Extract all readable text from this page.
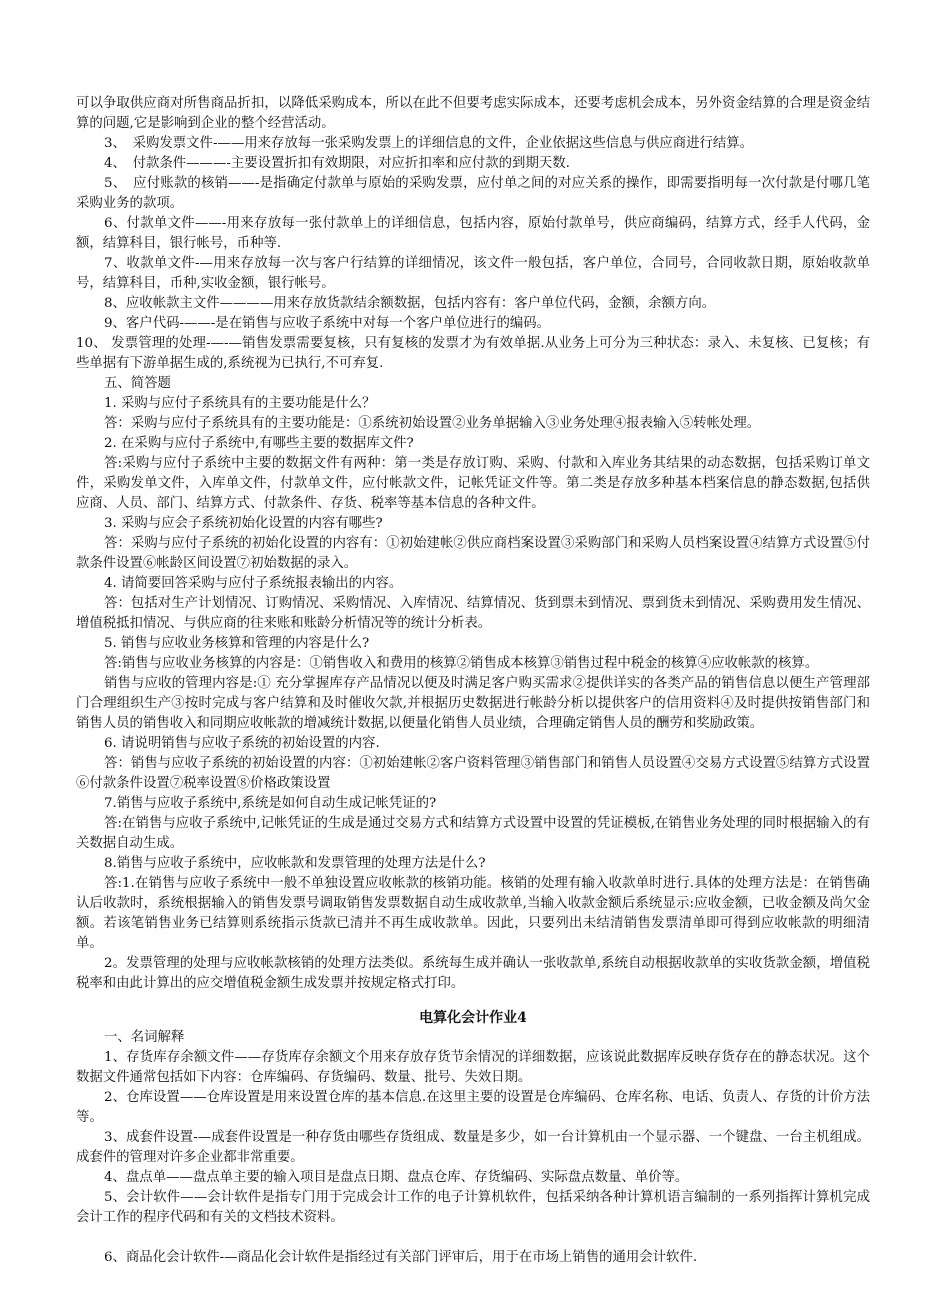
可以争取供应商对所售商品折扣，以降低采购成本，所以在此不但要考虑实际成本，还要考虑机会成本，另外资金结算的合理是资金结算的问题,它是影响到企业的整个经营活动。

3、　采购发票文件-——用来存放每一张采购发票上的详细信息的文件，企业依据这些信息与供应商进行结算。

4、　付款条件———-主要设置折扣有效期限，对应折扣率和应付款的到期天数.

5、　应付账款的核销——-是指确定付款单与原始的采购发票，应付单之间的对应关系的操作，即需要指明每一次付款是付哪几笔采购业务的款项。

6、付款单文件——-用来存放每一张付款单上的详细信息，包括内容，原始付款单号，供应商编码，结算方式，经手人代码，金额，结算科目，银行帐号，币种等.

7、收款单文件-—用来存放每一次与客户行结算的详细情况，该文件一般包括，客户单位，合同号，合同收款日期，原始收款单号，结算科目，币种,实收金额，银行帐号。

8、应收帐款主文件————用来存放货款结余额数据，包括内容有：客户单位代码，金额，余额方向。

9、客户代码-——-是在销售与应收子系统中对每一个客户单位进行的编码。

10、 发票管理的处理-—-—销售发票需要复核，只有复核的发票才为有效单据.从业务上可分为三种状态：录入、未复核、已复核；有些单据有下游单据生成的,系统视为已执行,不可弃复.

五、简答题

1. 采购与应付子系统具有的主要功能是什么？

答：采购与应付子系统具有的主要功能是：①系统初始设置②业务单据输入③业务处理④报表输入⑤转帐处理。

2. 在采购与应付子系统中,有哪些主要的数据库文件?

答:采购与应付子系统中主要的数据文件有两种：第一类是存放订购、采购、付款和入库业务其结果的动态数据，包括采购订单文件，采购发单文件，入库单文件，付款单文件，应付帐款文件，记帐凭证文件等。第二类是存放多种基本档案信息的静态数据,包括供应商、人员、部门、结算方式、付款条件、存货、税率等基本信息的各种文件。

3. 采购与应会子系统初始化设置的内容有哪些?

答：采购与应付子系统的初始化设置的内容有：①初始建帐②供应商档案设置③采购部门和采购人员档案设置④结算方式设置⑤付款条件设置⑥帐龄区间设置⑦初始数据的录入。

4. 请简要回答采购与应付子系统报表输出的内容。

答：包括对生产计划情况、订购情况、采购情况、入库情况、结算情况、货到票未到情况、票到货未到情况、采购费用发生情况、增值税抵扣情况、与供应商的往来账和账龄分析情况等的统计分析表。

5. 销售与应收业务核算和管理的内容是什么?

答:销售与应收业务核算的内容是：①销售收入和费用的核算②销售成本核算③销售过程中税金的核算④应收帐款的核算。

销售与应收的管理内容是:① 充分掌握库存产品情况以便及时满足客户购买需求②提供详实的各类产品的销售信息以便生产管理部门合理组织生产③按时完成与客户结算和及时催收欠款,并根据历史数据进行帐龄分析以提供客户的信用资料④及时提供按销售部门和销售人员的销售收入和同期应收帐款的增减统计数据,以便量化销售人员业绩，合理确定销售人员的酬劳和奖励政策。

6. 请说明销售与应收子系统的初始设置的内容.

答：销售与应收子系统的初始设置的内容：①初始建帐②客户资料管理③销售部门和销售人员设置④交易方式设置⑤结算方式设置⑥付款条件设置⑦税率设置⑧价格政策设置

7.销售与应收子系统中,系统是如何自动生成记帐凭证的?

答:在销售与应收子系统中,记帐凭证的生成是通过交易方式和结算方式设置中设置的凭证模板,在销售业务处理的同时根据输入的有关数据自动生成。

8.销售与应收子系统中，应收帐款和发票管理的处理方法是什么?

答:1.在销售与应收子系统中一般不单独设置应收帐款的核销功能。核销的处理有输入收款单时进行.具体的处理方法是：在销售确认后收款时，系统根据输入的销售发票号调取销售发票数据自动生成收款单,当输入收款金额后系统显示:应收金额，已收金额及尚欠金额。若该笔销售业务已结算则系统指示货款已清并不再生成收款单。因此，只要列出未结清销售发票清单即可得到应收帐款的明细清单。

2。发票管理的处理与应收帐款核销的处理方法类似。系统每生成并确认一张收款单,系统自动根据收款单的实收货款金额，增值税税率和由此计算出的应交增值税金额生成发票并按规定格式打印。

电算化会计作业4

一、名词解释

1、存货库存余额文件——存货库存余额文个用来存放存货节余情况的详细数据，应该说此数据库反映存货存在的静态状况。这个数据文件通常包括如下内容：仓库编码、存货编码、数量、批号、失效日期。

2、仓库设置——仓库设置是用来设置仓库的基本信息.在这里主要的设置是仓库编码、仓库名称、电话、负责人、存货的计价方法等。

3、成套件设置-—成套件设置是一种存货由哪些存货组成、数量是多少，如一台计算机由一个显示器、一个键盘、一台主机组成。成套件的管理对许多企业都非常重要。

4、盘点单——盘点单主要的输入项目是盘点日期、盘点仓库、存货编码、实际盘点数量、单价等。

5、会计软件——会计软件是指专门用于完成会计工作的电子计算机软件，包括采纳各种计算机语言编制的一系列指挥计算机完成会计工作的程序代码和有关的文档技术资料。

6、商品化会计软件-—商品化会计软件是指经过有关部门评审后，用于在市场上销售的通用会计软件.
